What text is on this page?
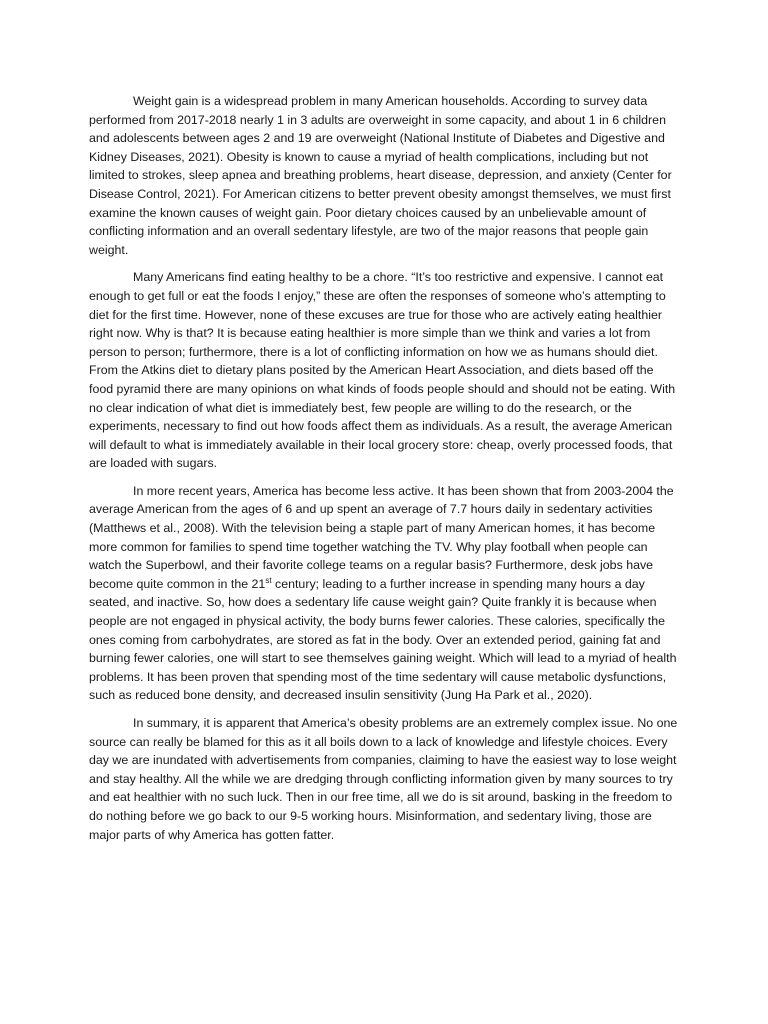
Weight gain is a widespread problem in many American households. According to survey data performed from 2017-2018 nearly 1 in 3 adults are overweight in some capacity, and about 1 in 6 children and adolescents between ages 2 and 19 are overweight (National Institute of Diabetes and Digestive and Kidney Diseases, 2021). Obesity is known to cause a myriad of health complications, including but not limited to strokes, sleep apnea and breathing problems, heart disease, depression, and anxiety (Center for Disease Control, 2021). For American citizens to better prevent obesity amongst themselves, we must first examine the known causes of weight gain. Poor dietary choices caused by an unbelievable amount of conflicting information and an overall sedentary lifestyle, are two of the major reasons that people gain weight.

Many Americans find eating healthy to be a chore. “It’s too restrictive and expensive. I cannot eat enough to get full or eat the foods I enjoy,” these are often the responses of someone who’s attempting to diet for the first time. However, none of these excuses are true for those who are actively eating healthier right now. Why is that? It is because eating healthier is more simple than we think and varies a lot from person to person; furthermore, there is a lot of conflicting information on how we as humans should diet. From the Atkins diet to dietary plans posited by the American Heart Association, and diets based off the food pyramid there are many opinions on what kinds of foods people should and should not be eating. With no clear indication of what diet is immediately best, few people are willing to do the research, or the experiments, necessary to find out how foods affect them as individuals. As a result, the average American will default to what is immediately available in their local grocery store: cheap, overly processed foods, that are loaded with sugars.

In more recent years, America has become less active. It has been shown that from 2003-2004 the average American from the ages of 6 and up spent an average of 7.7 hours daily in sedentary activities (Matthews et al., 2008). With the television being a staple part of many American homes, it has become more common for families to spend time together watching the TV. Why play football when people can watch the Superbowl, and their favorite college teams on a regular basis? Furthermore, desk jobs have become quite common in the 21st century; leading to a further increase in spending many hours a day seated, and inactive. So, how does a sedentary life cause weight gain? Quite frankly it is because when people are not engaged in physical activity, the body burns fewer calories. These calories, specifically the ones coming from carbohydrates, are stored as fat in the body. Over an extended period, gaining fat and burning fewer calories, one will start to see themselves gaining weight. Which will lead to a myriad of health problems. It has been proven that spending most of the time sedentary will cause metabolic dysfunctions, such as reduced bone density, and decreased insulin sensitivity (Jung Ha Park et al., 2020).

In summary, it is apparent that America’s obesity problems are an extremely complex issue. No one source can really be blamed for this as it all boils down to a lack of knowledge and lifestyle choices. Every day we are inundated with advertisements from companies, claiming to have the easiest way to lose weight and stay healthy. All the while we are dredging through conflicting information given by many sources to try and eat healthier with no such luck. Then in our free time, all we do is sit around, basking in the freedom to do nothing before we go back to our 9-5 working hours. Misinformation, and sedentary living, those are major parts of why America has gotten fatter.
